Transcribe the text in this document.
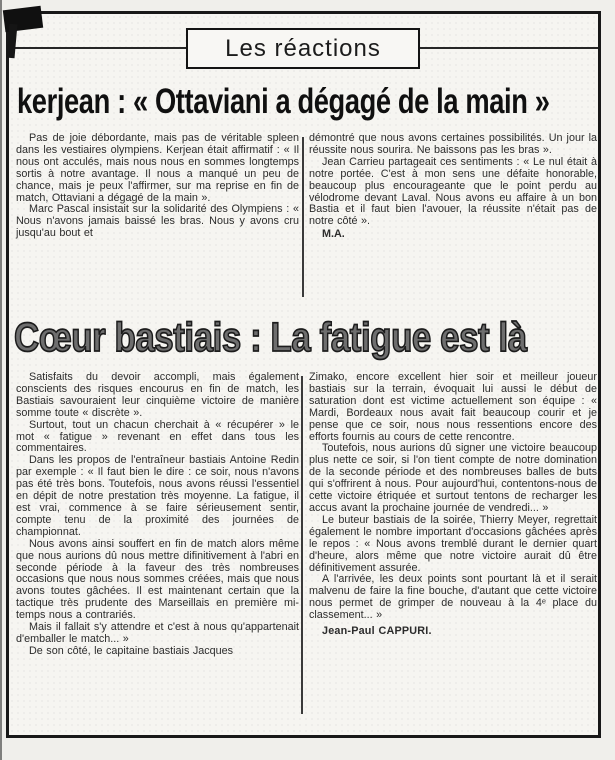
Les réactions
kerjean : « Ottaviani a dégagé de la main »

Pas de joie débordante, mais pas de véritable spleen dans les vestiaires olympiens. Kerjean était affirmatif : « Il nous ont acculés, mais nous nous en sommes longtemps sortis à notre avantage. Il nous a manqué un peu de chance, mais je peux l'affirmer, sur ma reprise en fin de match, Ottaviani a dégagé de la main ».

Marc Pascal insistait sur la solidarité des Olympiens : « Nous n'avons jamais baissé les bras. Nous y avons cru jusqu'au bout et

démontré que nous avons certaines possibilités. Un jour la réussite nous sourira. Ne baissons pas les bras ».

Jean Carrieu partageait ces sentiments : « Le nul était à notre portée. C'est à mon sens une défaite honorable, beaucoup plus encourageante que le point perdu au vélodrome devant Laval. Nous avons eu affaire à un bon Bastia et il faut bien l'avouer, la réussite n'était pas de notre côté ».

M.A.

Cœur bastiais : La fatigue est là

Satisfaits du devoir accompli, mais également conscients des risques encourus en fin de match, les Bastiais savouraient leur cinquième victoire de manière somme toute « discrète ».

Surtout, tout un chacun cherchait à « récupérer » le mot « fatigue » revenant en effet dans tous les commentaires.

Dans les propos de l'entraîneur bastiais Antoine Redin par exemple : « Il faut bien le dire : ce soir, nous n'avons pas été très bons. Toutefois, nous avons réussi l'essentiel en dépit de notre prestation très moyenne. La fatigue, il est vrai, commence à se faire sérieusement sentir, compte tenu de la proximité des journées de championnat.

Nous avons ainsi souffert en fin de match alors même que nous aurions dû nous mettre difinitivement à l'abri en seconde période à la faveur des très nombreuses occasions que nous nous sommes créées, mais que nous avons toutes gâchées. Il est maintenant certain que la tactique très prudente des Marseillais en première mi-temps nous a contrariés.

Mais il fallait s'y attendre et c'est à nous qu'appartenait d'emballer le match... »

De son côté, le capitaine bastiais Jacques

Zimako, encore excellent hier soir et meilleur joueur bastiais sur la terrain, évoquait lui aussi le début de saturation dont est victime actuellement son équipe : « Mardi, Bordeaux nous avait fait beaucoup courir et je pense que ce soir, nous nous ressentions encore des efforts fournis au cours de cette rencontre.

Toutefois, nous aurions dû signer une victoire beaucoup plus nette ce soir, si l'on tient compte de notre domination de la seconde période et des nombreuses balles de buts qui s'offrirent à nous. Pour aujourd'hui, contentons-nous de cette victoire étriquée et surtout tentons de recharger les accus avant la prochaine journée de vendredi... »

Le buteur bastiais de la soirée, Thierry Meyer, regrettait également le nombre important d'occasions gâchées après le repos : « Nous avons tremblé durant le dernier quart d'heure, alors même que notre victoire aurait dû être définitivement assurée.

A l'arrivée, les deux points sont pourtant là et il serait malvenu de faire la fine bouche, d'autant que cette victoire nous permet de grimper de nouveau à la 4ᵉ place du classement... »

Jean-Paul CAPPURI.
